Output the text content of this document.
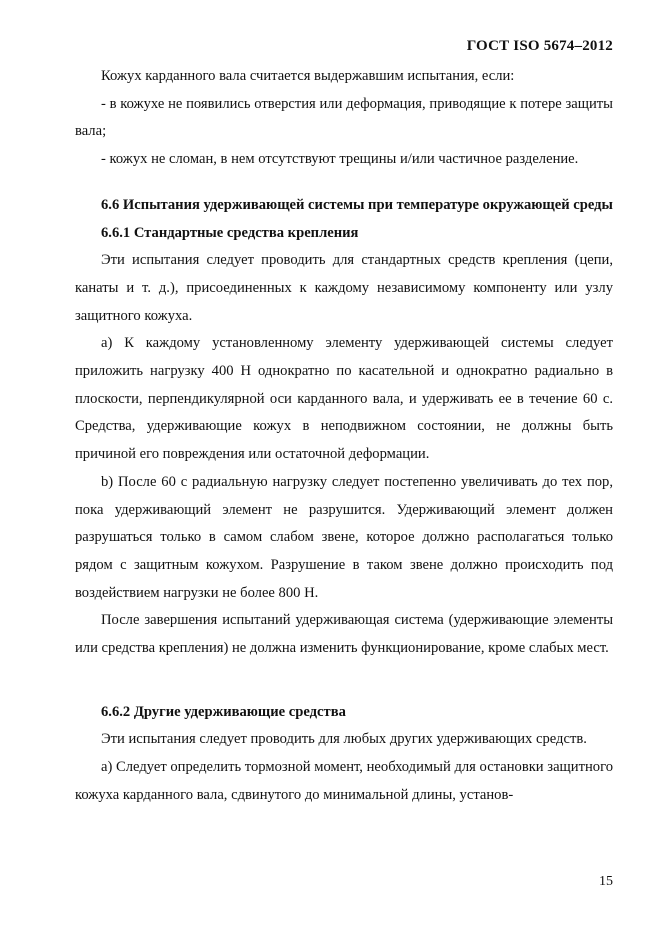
ГОСТ ISO 5674–2012

Кожух карданного вала считается выдержавшим испытания, если:

- в кожухе не появились отверстия или деформация, приводящие к потере защиты вала;

- кожух не сломан, в нем отсутствуют трещины и/или частичное разделение.

6.6 Испытания удерживающей системы при температуре окружающей среды

6.6.1 Стандартные средства крепления

Эти испытания следует проводить для стандартных средств крепления (цепи, канаты и т. д.), присоединенных к каждому независимому компоненту или узлу защитного кожуха.

a) К каждому установленному элементу удерживающей системы следует приложить нагрузку 400 Н однократно по касательной и однократно радиально в плоскости, перпендикулярной оси карданного вала, и удерживать ее в течение 60 с. Средства, удерживающие кожух в неподвижном состоянии, не должны быть причиной его повреждения или остаточной деформации.

b) После 60 с радиальную нагрузку следует постепенно увеличивать до тех пор, пока удерживающий элемент не разрушится. Удерживающий элемент должен разрушаться только в самом слабом звене, которое должно располагаться только рядом с защитным кожухом. Разрушение в таком звене должно происходить под воздействием нагрузки не более 800 Н.

После завершения испытаний удерживающая система (удерживающие элементы или средства крепления) не должна изменить функционирование, кроме слабых мест.

6.6.2 Другие удерживающие средства

Эти испытания следует проводить для любых других удерживающих средств.

a) Следует определить тормозной момент, необходимый для остановки защитного кожуха карданного вала, сдвинутого до минимальной длины, установ-

15
